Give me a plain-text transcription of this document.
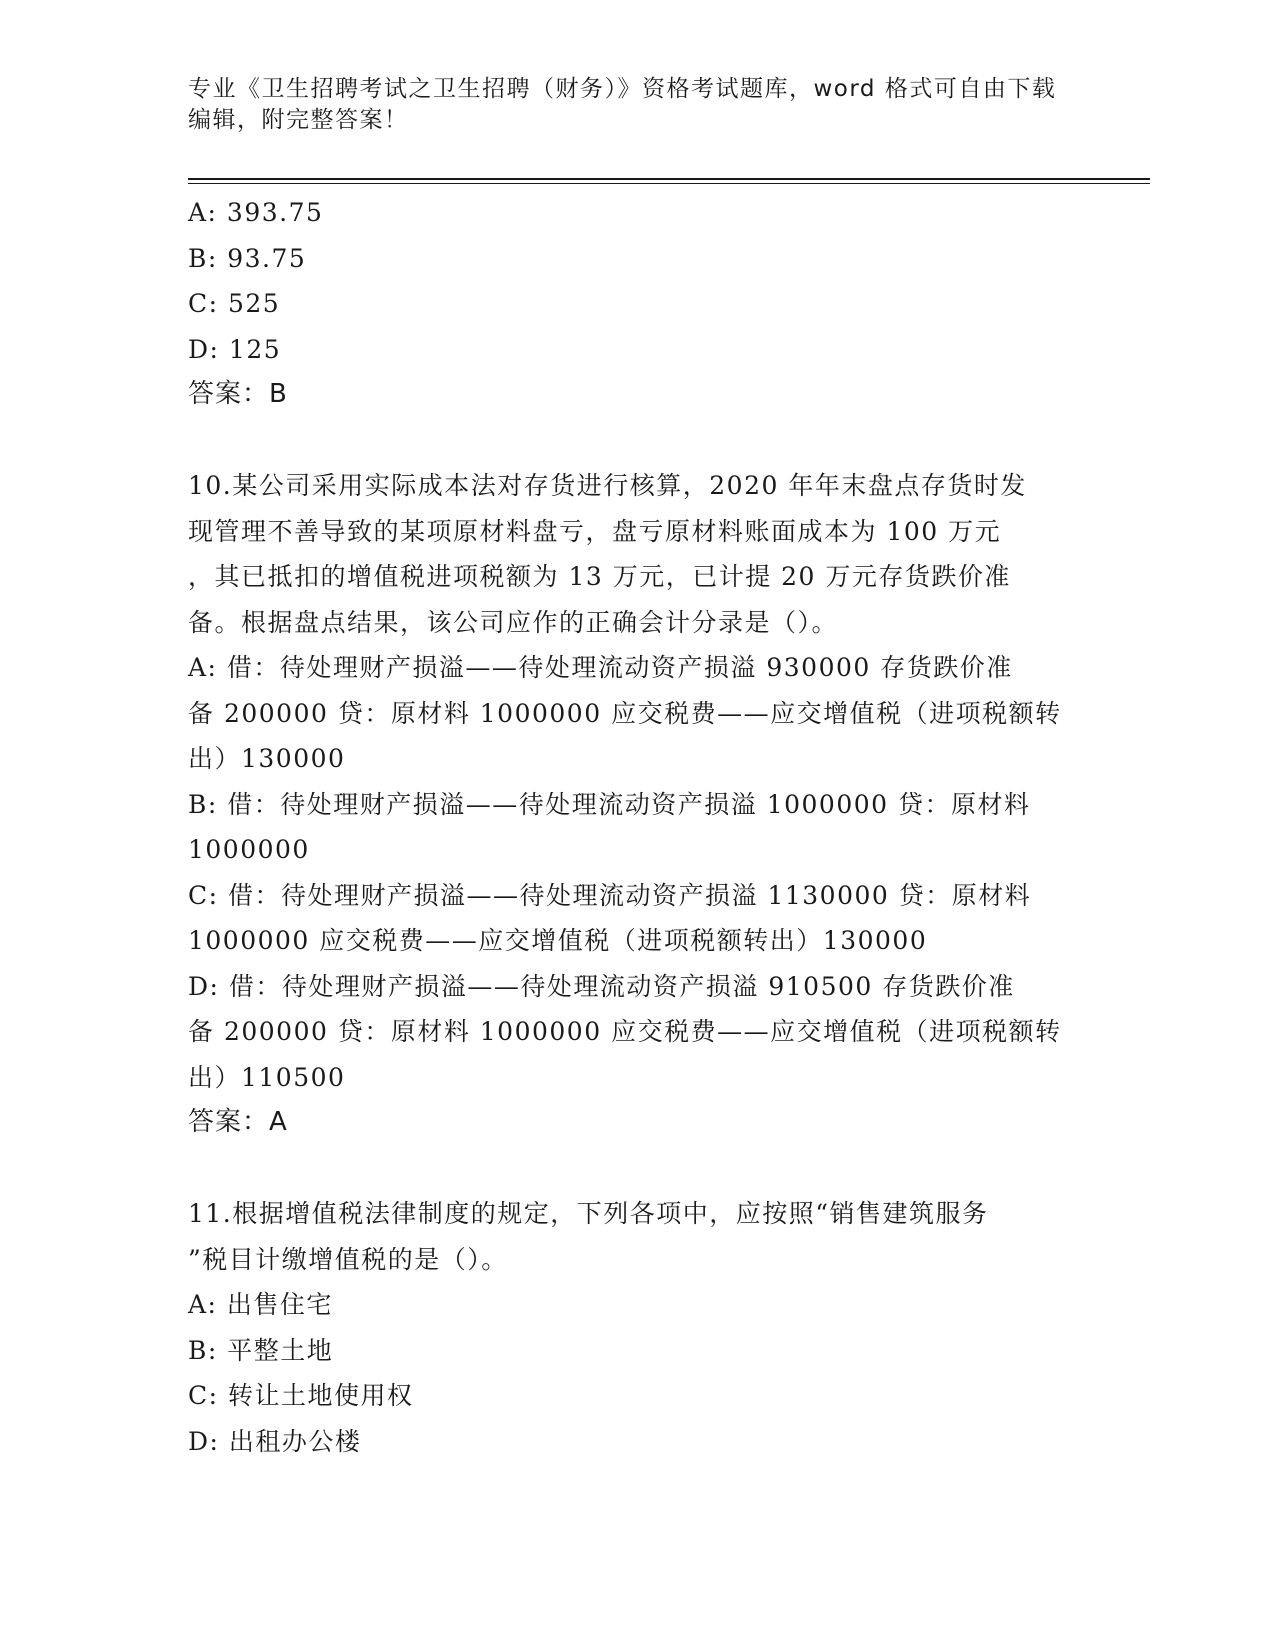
专业《卫生招聘考试之卫生招聘（财务）》资格考试题库，word 格式可自由下载
编辑，附完整答案！
A: 393.75
B: 93.75
C: 525
D: 125
答案：B
10.某公司采用实际成本法对存货进行核算，2020 年年末盘点存货时发
现管理不善导致的某项原材料盘亏，盘亏原材料账面成本为 100 万元
，其已抵扣的增值税进项税额为 13 万元，已计提 20 万元存货跌价准
备。根据盘点结果，该公司应作的正确会计分录是（）。
A: 借：待处理财产损溢——待处理流动资产损溢 930000 存货跌价准
备 200000 贷：原材料 1000000 应交税费——应交增值税（进项税额转
出）130000
B: 借：待处理财产损溢——待处理流动资产损溢 1000000 贷：原材料
1000000
C: 借：待处理财产损溢——待处理流动资产损溢 1130000 贷：原材料
1000000 应交税费——应交增值税（进项税额转出）130000
D: 借：待处理财产损溢——待处理流动资产损溢 910500 存货跌价准
备 200000 贷：原材料 1000000 应交税费——应交增值税（进项税额转
出）110500
答案：A
11.根据增值税法律制度的规定，下列各项中，应按照“销售建筑服务
”税目计缴增值税的是（）。
A: 出售住宅
B: 平整土地
C: 转让土地使用权
D: 出租办公楼
